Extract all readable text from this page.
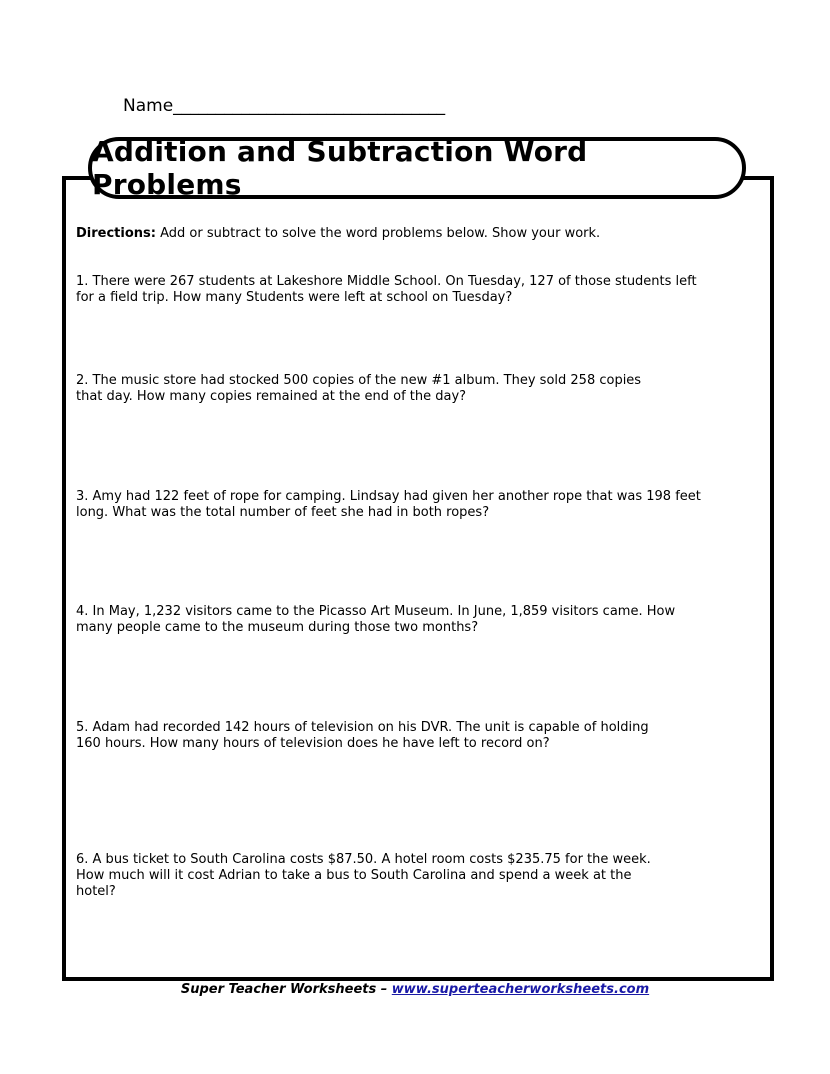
Name________________________________
Addition and Subtraction Word Problems

Directions: Add or subtract to solve the word problems below. Show your work.

1. There were 267 students at Lakeshore Middle School. On Tuesday, 127 of those students left
for a field trip. How many Students were left at school on Tuesday?

2. The music store had stocked 500 copies of the new #1 album. They sold 258 copies
that day. How many copies remained at the end of the day?

3. Amy had 122 feet of rope for camping. Lindsay had given her another rope that was 198 feet
long. What was the total number of feet she had in both ropes?

4. In May, 1,232 visitors came to the Picasso Art Museum. In June, 1,859 visitors came. How
many people came to the museum during those two months?

5. Adam had recorded 142 hours of television on his DVR. The unit is capable of holding
160 hours. How many hours of television does he have left to record on?

6. A bus ticket to South Carolina costs $87.50. A hotel room costs $235.75 for the week.
How much will it cost Adrian to take a bus to South Carolina and spend a week at the
hotel?

Super Teacher Worksheets – www.superteacherworksheets.com
